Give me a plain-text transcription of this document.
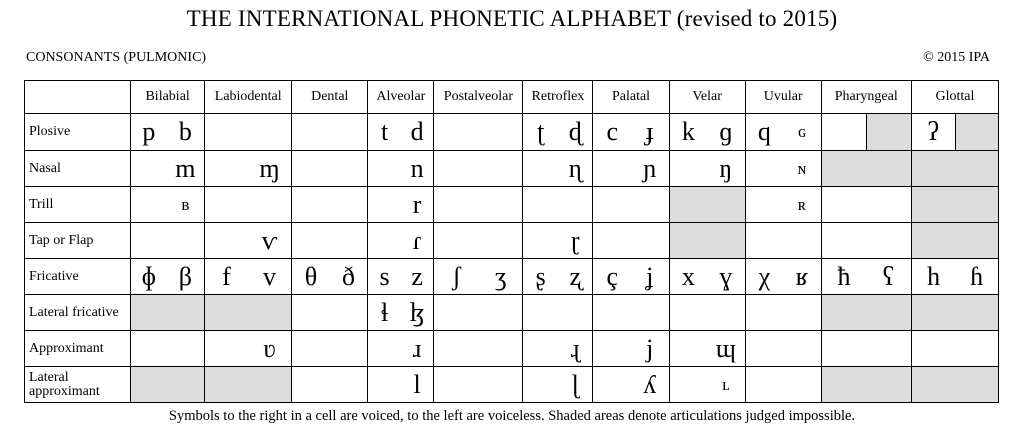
THE INTERNATIONAL PHONETIC ALPHABET (revised to 2015)
CONSONANTS (PULMONIC)	© 2015 IPA
	Bilabial		Labiodental		Dental		Alveolar		Postalveolar		Retroflex		Palatal		Velar		Uvular		Pharyngeal		Glottal	
Plosive	p	b					t	d			ʈ	ɖ	c	ɟ	k	ɡ	q	ɢ			ʔ	
Nasal		m		ɱ				n				ɳ		ɲ		ŋ		ɴ				
Trill		ʙ						r										ʀ				
Tap or Flap				ⱱ				ɾ				ɽ										
Fricative	ɸ	β	f	v	θ	ð	s	z	ʃ	ʒ	ʂ	ʐ	ç	ʝ	x	ɣ	χ	ʁ	ħ	ʕ	h	ɦ
Lateral fricative							ɬ	ɮ														
Approximant				ʋ				ɹ				ɻ		j		ɰ						
Lateral approximant								l				ɭ		ʎ		ʟ						
Symbols to the right in a cell are voiced, to the left are voiceless. Shaded areas denote articulations judged impossible.
